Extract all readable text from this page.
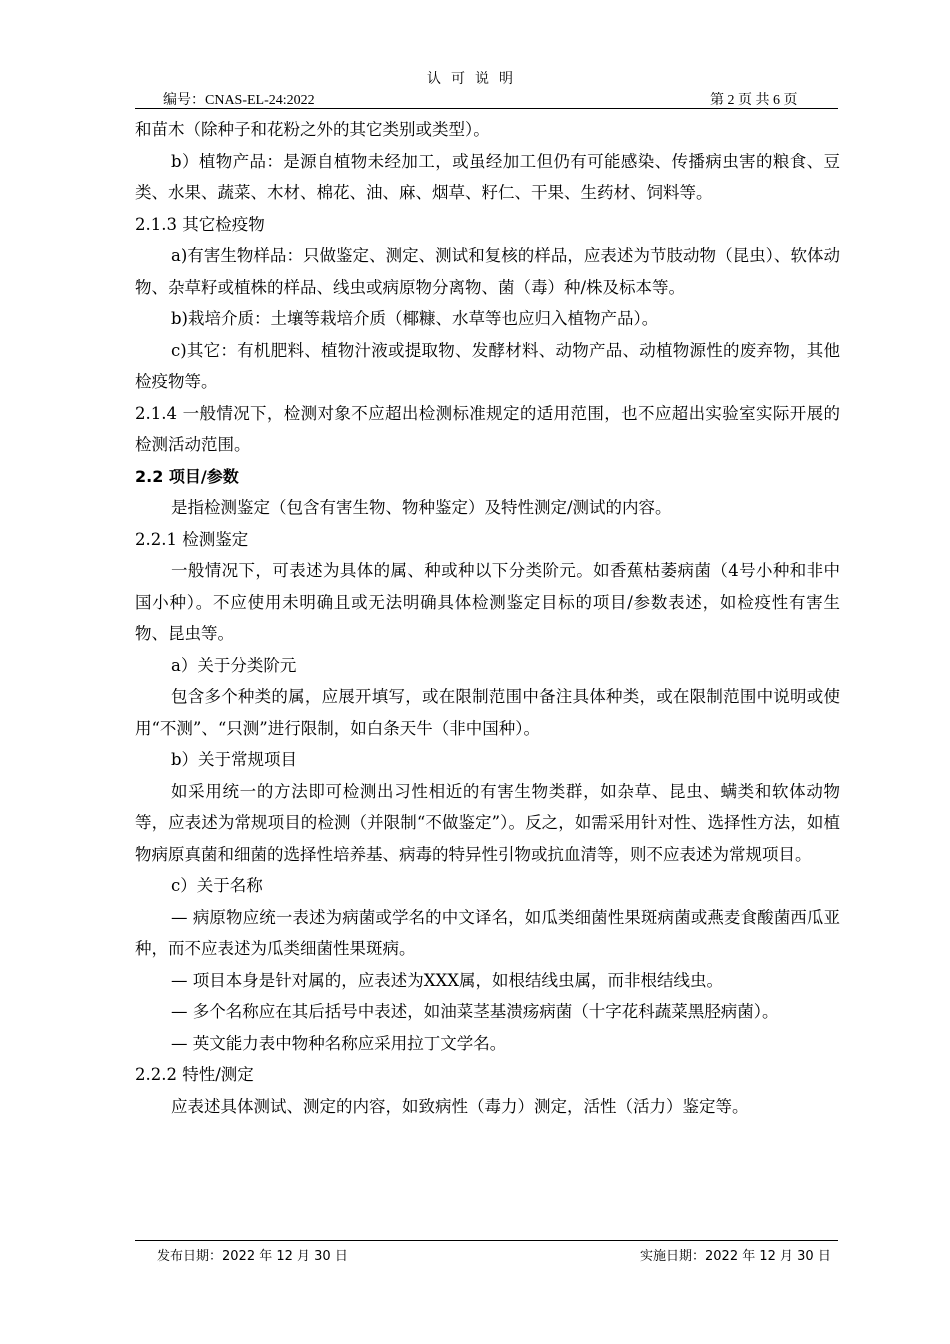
认可说明
编号：CNAS-EL-24:2022	第 2 页 共 6 页

和苗木（除种子和花粉之外的其它类别或类型）。

b）植物产品：是源自植物未经加工，或虽经加工但仍有可能感染、传播病虫害的粮食、豆类、水果、蔬菜、木材、棉花、油、麻、烟草、籽仁、干果、生药材、饲料等。

2.1.3 其它检疫物

a)有害生物样品：只做鉴定、测定、测试和复核的样品，应表述为节肢动物（昆虫）、软体动物、杂草籽或植株的样品、线虫或病原物分离物、菌（毒）种/株及标本等。

b)栽培介质：土壤等栽培介质（椰糠、水草等也应归入植物产品）。

c)其它：有机肥料、植物汁液或提取物、发酵材料、动物产品、动植物源性的废弃物，其他检疫物等。

2.1.4 一般情况下，检测对象不应超出检测标准规定的适用范围，也不应超出实验室实际开展的检测活动范围。

2.2 项目/参数

是指检测鉴定（包含有害生物、物种鉴定）及特性测定/测试的内容。

2.2.1 检测鉴定

一般情况下，可表述为具体的属、种或种以下分类阶元。如香蕉枯萎病菌（4号小种和非中国小种）。不应使用未明确且或无法明确具体检测鉴定目标的项目/参数表述，如检疫性有害生物、昆虫等。

a）关于分类阶元

包含多个种类的属，应展开填写，或在限制范围中备注具体种类，或在限制范围中说明或使用“不测”、“只测”进行限制，如白条天牛（非中国种）。

b）关于常规项目

如采用统一的方法即可检测出习性相近的有害生物类群，如杂草、昆虫、螨类和软体动物等，应表述为常规项目的检测（并限制“不做鉴定”）。反之，如需采用针对性、选择性方法，如植物病原真菌和细菌的选择性培养基、病毒的特异性引物或抗血清等，则不应表述为常规项目。

c）关于名称

— 病原物应统一表述为病菌或学名的中文译名，如瓜类细菌性果斑病菌或燕麦食酸菌西瓜亚种，而不应表述为瓜类细菌性果斑病。

— 项目本身是针对属的，应表述为XXX属，如根结线虫属，而非根结线虫。

— 多个名称应在其后括号中表述，如油菜茎基溃疡病菌（十字花科蔬菜黑胫病菌）。

— 英文能力表中物种名称应采用拉丁文学名。

2.2.2 特性/测定

应表述具体测试、测定的内容，如致病性（毒力）测定，活性（活力）鉴定等。

发布日期：2022 年 12 月 30 日	实施日期：2022 年 12 月 30 日
